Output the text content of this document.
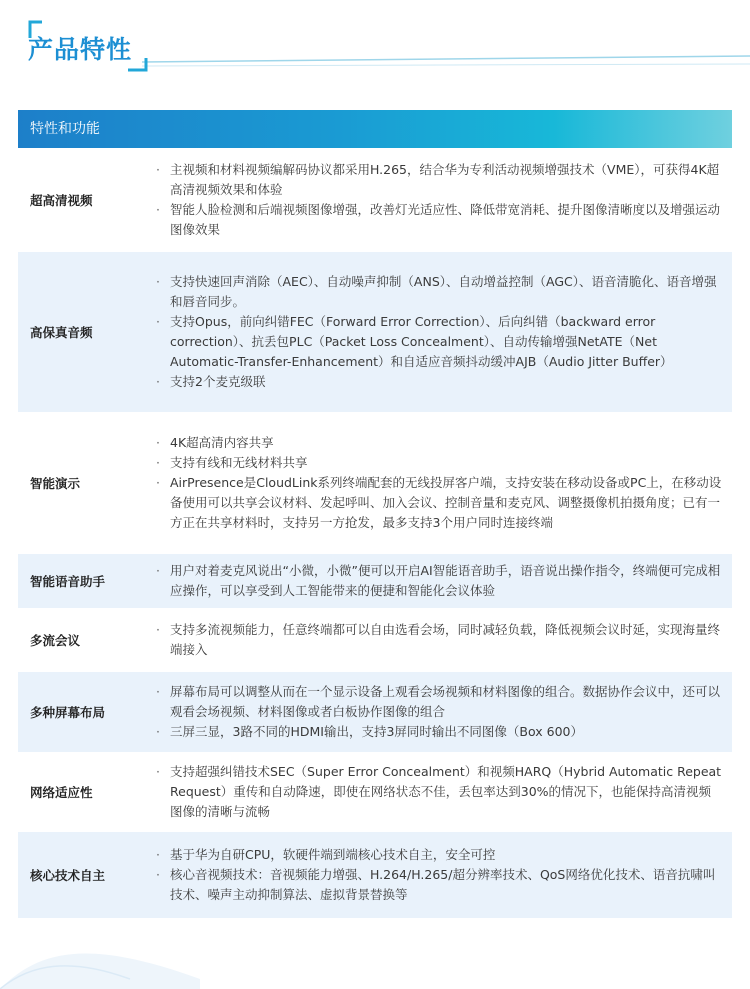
产品特性
特性和功能
超高清视频
· 主视频和材料视频编解码协议都采用H.265，结合华为专利活动视频增强技术（VME），可获得4K超高清视频效果和体验
· 智能人脸检测和后端视频图像增强，改善灯光适应性、降低带宽消耗、提升图像清晰度以及增强运动图像效果
高保真音频
· 支持快速回声消除（AEC）、自动噪声抑制（ANS）、自动增益控制（AGC）、语音清脆化、语音增强和唇音同步。
· 支持Opus，前向纠错FEC（Forward Error Correction）、后向纠错（backward error correction）、抗丢包PLC（Packet Loss Concealment）、自动传输增强NetATE（Net Automatic-Transfer-Enhancement）和自适应音频抖动缓冲AJB（Audio Jitter Buffer）
· 支持2个麦克级联
智能演示
· 4K超高清内容共享
· 支持有线和无线材料共享
· AirPresence是CloudLink系列终端配套的无线投屏客户端，支持安装在移动设备或PC上，在移动设备使用可以共享会议材料、发起呼叫、加入会议、控制音量和麦克风、调整摄像机拍摄角度；已有一方正在共享材料时，支持另一方抢发，最多支持3个用户同时连接终端
智能语音助手
· 用户对着麦克风说出“小微，小微”便可以开启AI智能语音助手，语音说出操作指令，终端便可完成相应操作，可以享受到人工智能带来的便捷和智能化会议体验
多流会议
· 支持多流视频能力，任意终端都可以自由选看会场，同时减轻负载，降低视频会议时延，实现海量终端接入
多种屏幕布局
· 屏幕布局可以调整从而在一个显示设备上观看会场视频和材料图像的组合。数据协作会议中，还可以观看会场视频、材料图像或者白板协作图像的组合
· 三屏三显，3路不同的HDMI输出，支持3屏同时输出不同图像（Box 600）
网络适应性
· 支持超强纠错技术SEC（Super Error Concealment）和视频HARQ（Hybrid Automatic Repeat Request）重传和自动降速，即使在网络状态不佳，丢包率达到30%的情况下，也能保持高清视频图像的清晰与流畅
核心技术自主
· 基于华为自研CPU，软硬件端到端核心技术自主，安全可控
· 核心音视频技术：音视频能力增强、H.264/H.265/超分辨率技术、QoS网络优化技术、语音抗啸叫技术、噪声主动抑制算法、虚拟背景替换等
